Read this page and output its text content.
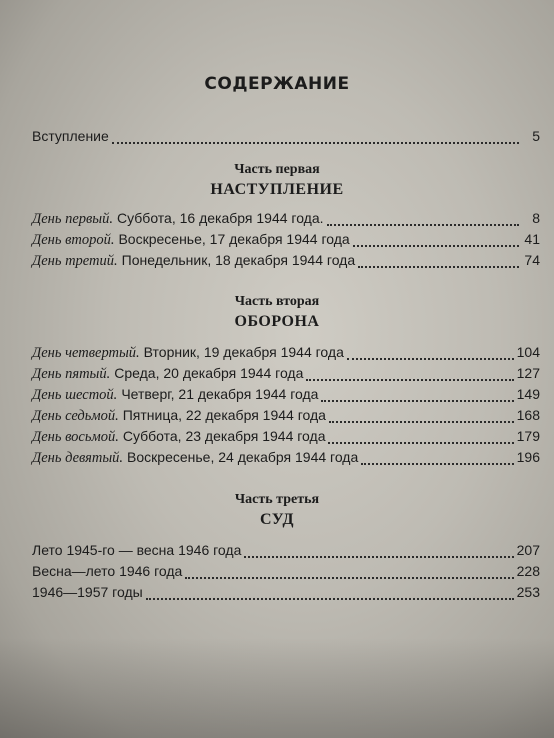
СОДЕРЖАНИЕ
Вступление	5
Часть первая
НАСТУПЛЕНИЕ
День первый. Суббота, 16 декабря 1944 года.	8
День второй. Воскресенье, 17 декабря 1944 года	41
День третий. Понедельник, 18 декабря 1944 года	74
Часть вторая
ОБОРОНА
День четвертый. Вторник, 19 декабря 1944 года	104
День пятый. Среда, 20 декабря 1944 года	127
День шестой. Четверг, 21 декабря 1944 года	149
День седьмой. Пятница, 22 декабря 1944 года	168
День восьмой. Суббота, 23 декабря 1944 года	179
День девятый. Воскресенье, 24 декабря 1944 года	196
Часть третья
СУД
Лето 1945-го — весна 1946 года	207
Весна—лето 1946 года	228
1946—1957 годы	253
